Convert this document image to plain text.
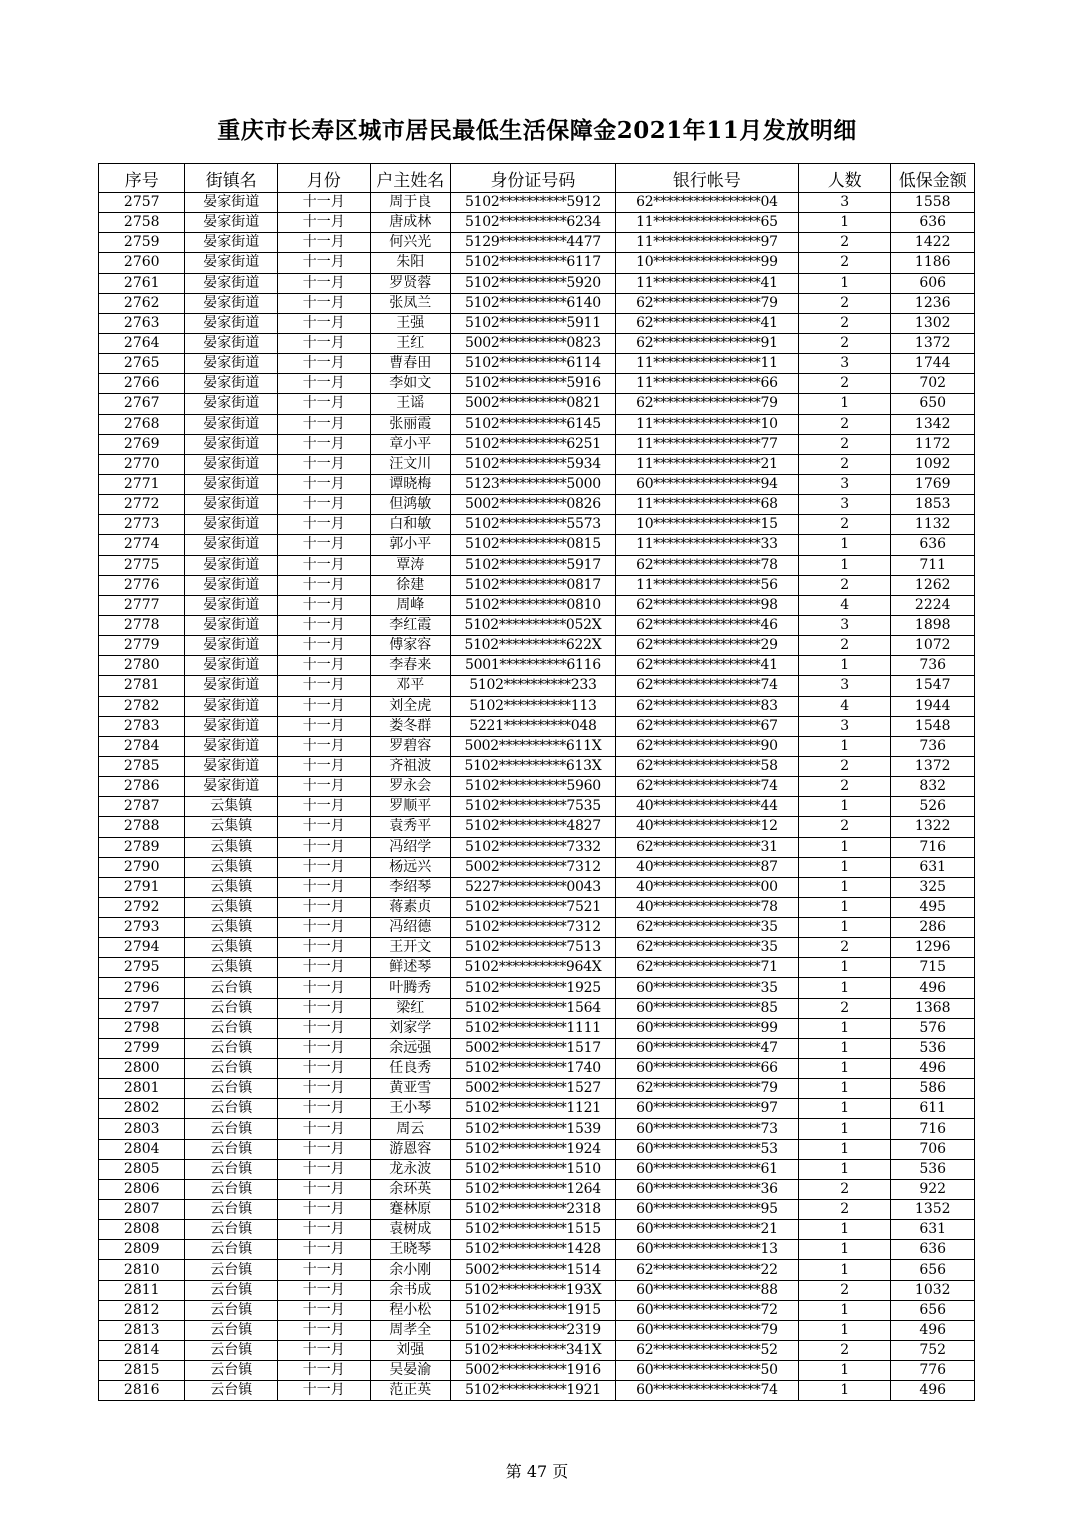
重庆市长寿区城市居民最低生活保障金2021年11月发放明细
序号	街镇名	月份	户主姓名	身份证号码	银行帐号	人数	低保金额
2757	晏家街道	十一月	周于良	5102**********5912	62****************04	3	1558
2758	晏家街道	十一月	唐成林	5102**********6234	11****************65	1	636
2759	晏家街道	十一月	何兴光	5129**********4477	11****************97	2	1422
2760	晏家街道	十一月	朱阳	5102**********6117	10****************99	2	1186
2761	晏家街道	十一月	罗贤蓉	5102**********5920	11****************41	1	606
2762	晏家街道	十一月	张凤兰	5102**********6140	62****************79	2	1236
2763	晏家街道	十一月	王强	5102**********5911	62****************41	2	1302
2764	晏家街道	十一月	王红	5002**********0823	62****************91	2	1372
2765	晏家街道	十一月	曹春田	5102**********6114	11****************11	3	1744
2766	晏家街道	十一月	李如文	5102**********5916	11****************66	2	702
2767	晏家街道	十一月	王谣	5002**********0821	62****************79	1	650
2768	晏家街道	十一月	张丽霞	5102**********6145	11****************10	2	1342
2769	晏家街道	十一月	章小平	5102**********6251	11****************77	2	1172
2770	晏家街道	十一月	汪文川	5102**********5934	11****************21	2	1092
2771	晏家街道	十一月	谭晓梅	5123**********5000	60****************94	3	1769
2772	晏家街道	十一月	但鸿敏	5002**********0826	11****************68	3	1853
2773	晏家街道	十一月	白和敏	5102**********5573	10****************15	2	1132
2774	晏家街道	十一月	郭小平	5102**********0815	11****************33	1	636
2775	晏家街道	十一月	覃涛	5102**********5917	62****************78	1	711
2776	晏家街道	十一月	徐建	5102**********0817	11****************56	2	1262
2777	晏家街道	十一月	周峰	5102**********0810	62****************98	4	2224
2778	晏家街道	十一月	李红霞	5102**********052X	62****************46	3	1898
2779	晏家街道	十一月	傅家容	5102**********622X	62****************29	2	1072
2780	晏家街道	十一月	李春来	5001**********6116	62****************41	1	736
2781	晏家街道	十一月	邓平	5102**********233	62****************74	3	1547
2782	晏家街道	十一月	刘全虎	5102**********113	62****************83	4	1944
2783	晏家街道	十一月	娄冬群	5221**********048	62****************67	3	1548
2784	晏家街道	十一月	罗碧容	5002**********611X	62****************90	1	736
2785	晏家街道	十一月	齐祖波	5102**********613X	62****************58	2	1372
2786	晏家街道	十一月	罗永会	5102**********5960	62****************74	2	832
2787	云集镇	十一月	罗顺平	5102**********7535	40****************44	1	526
2788	云集镇	十一月	袁秀平	5102**********4827	40****************12	2	1322
2789	云集镇	十一月	冯绍学	5102**********7332	62****************31	1	716
2790	云集镇	十一月	杨远兴	5002**********7312	40****************87	1	631
2791	云集镇	十一月	李绍琴	5227**********0043	40****************00	1	325
2792	云集镇	十一月	蒋素贞	5102**********7521	40****************78	1	495
2793	云集镇	十一月	冯绍德	5102**********7312	62****************35	1	286
2794	云集镇	十一月	王开文	5102**********7513	62****************35	2	1296
2795	云集镇	十一月	鲜述琴	5102**********964X	62****************71	1	715
2796	云台镇	十一月	叶腾秀	5102**********1925	60****************35	1	496
2797	云台镇	十一月	梁红	5102**********1564	60****************85	2	1368
2798	云台镇	十一月	刘家学	5102**********1111	60****************99	1	576
2799	云台镇	十一月	余远强	5002**********1517	60****************47	1	536
2800	云台镇	十一月	任良秀	5102**********1740	60****************66	1	496
2801	云台镇	十一月	黄亚雪	5002**********1527	62****************79	1	586
2802	云台镇	十一月	王小琴	5102**********1121	60****************97	1	611
2803	云台镇	十一月	周云	5102**********1539	60****************73	1	716
2804	云台镇	十一月	游恩容	5102**********1924	60****************53	1	706
2805	云台镇	十一月	龙永波	5102**********1510	60****************61	1	536
2806	云台镇	十一月	余环英	5102**********1264	60****************36	2	922
2807	云台镇	十一月	蹇林原	5102**********2318	60****************95	2	1352
2808	云台镇	十一月	袁树成	5102**********1515	60****************21	1	631
2809	云台镇	十一月	王晓琴	5102**********1428	60****************13	1	636
2810	云台镇	十一月	余小刚	5002**********1514	62****************22	1	656
2811	云台镇	十一月	余书成	5102**********193X	60****************88	2	1032
2812	云台镇	十一月	程小松	5102**********1915	60****************72	1	656
2813	云台镇	十一月	周孝全	5102**********2319	60****************79	1	496
2814	云台镇	十一月	刘强	5102**********341X	62****************52	2	752
2815	云台镇	十一月	吴晏渝	5002**********1916	60****************50	1	776
2816	云台镇	十一月	范正英	5102**********1921	60****************74	1	496
第 47 页
